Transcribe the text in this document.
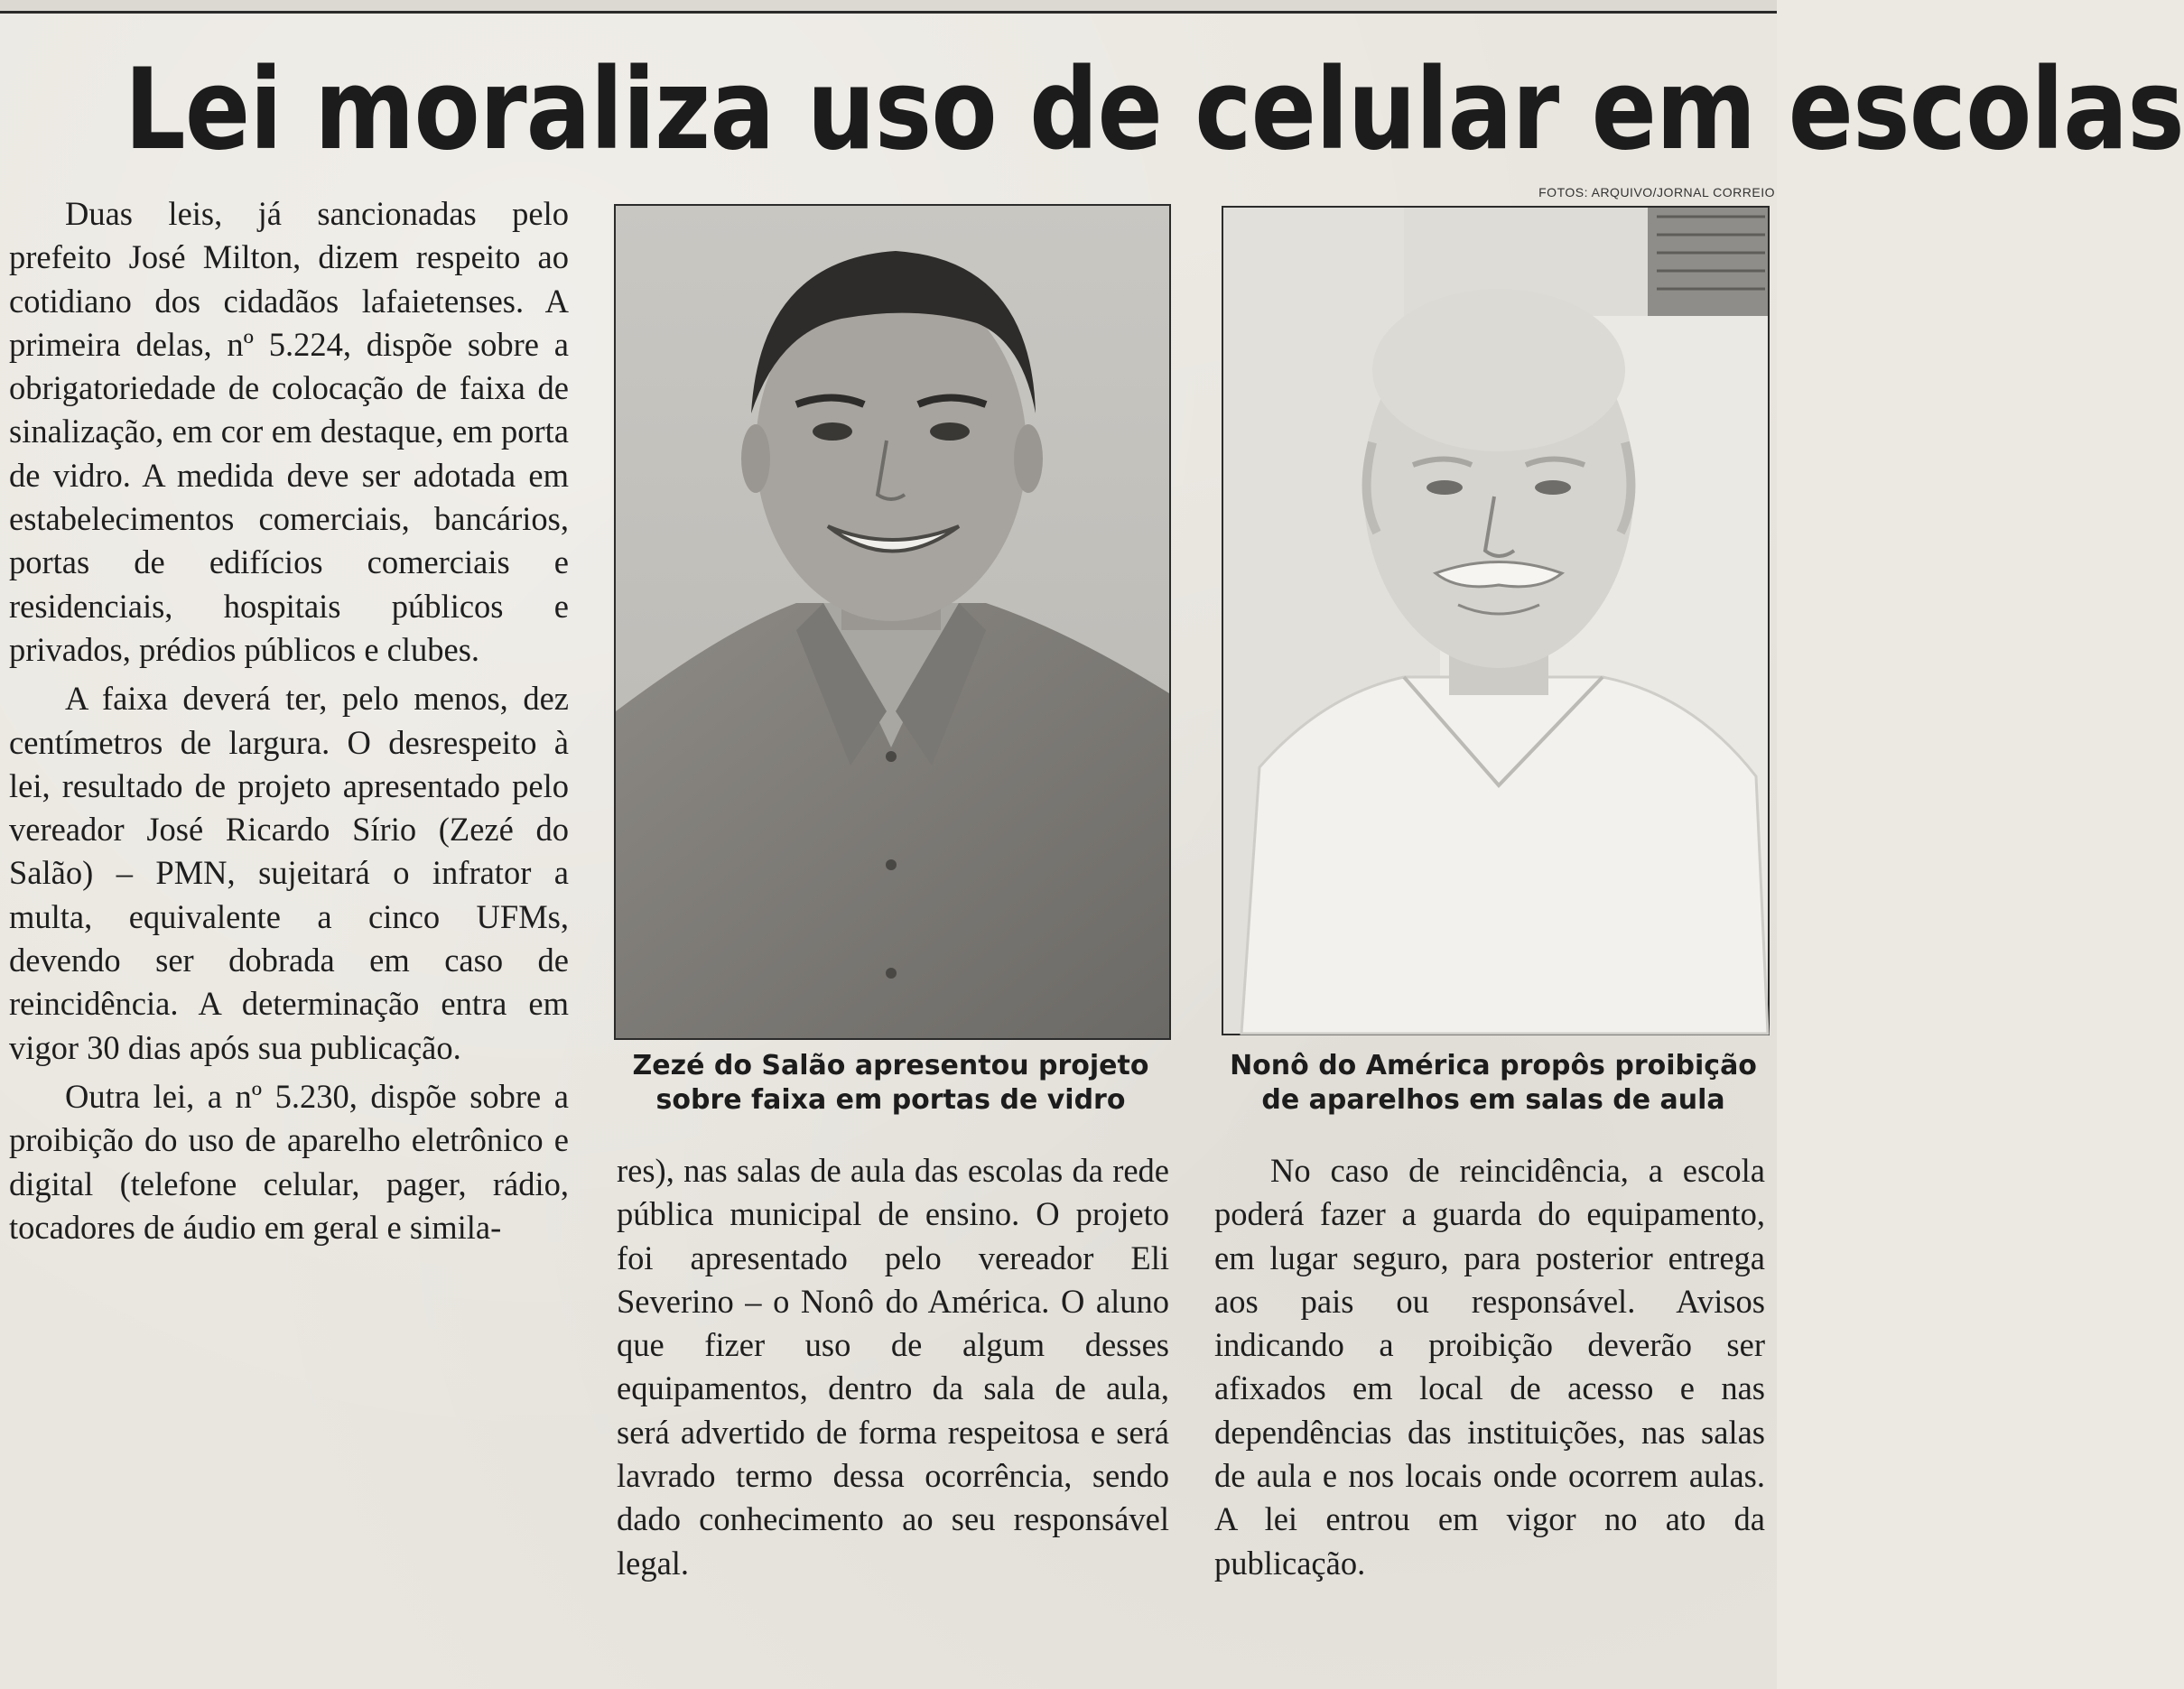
Lei moraliza uso de celular em escolas
FOTOS: ARQUIVO/JORNAL CORREIO

Duas leis, já sancionadas pelo prefeito José Milton, dizem respeito ao cotidiano dos cidadãos lafaietenses. A primeira delas, nº 5.224, dispõe sobre a obrigatoriedade de colocação de faixa de sinalização, em cor em destaque, em porta de vidro. A medida deve ser adotada em estabelecimentos comerciais, bancários, portas de edifícios comerciais e residenciais, hospitais públicos e privados, prédios públicos e clubes.

A faixa deverá ter, pelo menos, dez centímetros de largura. O desrespeito à lei, resultado de projeto apresentado pelo vereador José Ricardo Sírio (Zezé do Salão) – PMN, sujeitará o infrator a multa, equivalente a cinco UFMs, devendo ser dobrada em caso de reincidência. A determinação entra em vigor 30 dias após sua publicação.

Outra lei, a nº 5.230, dispõe sobre a proibição do uso de aparelho eletrônico e digital (telefone celular, pager, rádio, tocadores de áudio em geral e simila-

Zezé do Salão apresentou projeto
sobre faixa em portas de vidro
Nonô do América propôs proibição
de aparelhos em salas de aula

res), nas salas de aula das escolas da rede pública municipal de ensino. O projeto foi apresentado pelo vereador Eli Severino – o Nonô do América. O aluno que fizer uso de algum desses equipamentos, dentro da sala de aula, será advertido de forma respeitosa e será lavrado termo dessa ocorrência, sendo dado conhecimento ao seu responsável legal.

No caso de reincidência, a escola poderá fazer a guarda do equipamento, em lugar seguro, para posterior entrega aos pais ou responsável. Avisos indicando a proibição deverão ser afixados em local de acesso e nas dependências das instituições, nas salas de aula e nos locais onde ocorrem aulas. A lei entrou em vigor no ato da publicação.
